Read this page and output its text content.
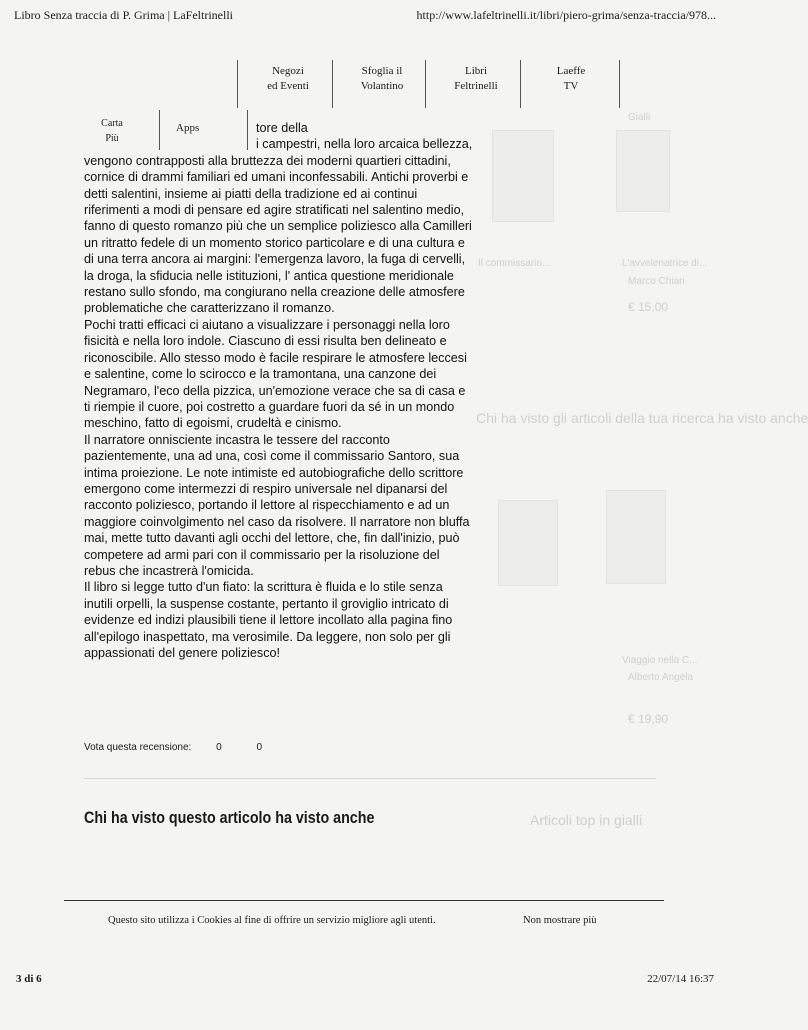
Libro Senza traccia di P. Grima | LaFeltrinelli	http://www.lafeltrinelli.it/libri/piero-grima/senza-traccia/978...
Gialli
L'avvelenatrice di...
Il commissario...
Marco Chiari
€ 15,00
Chi ha visto gli articoli della tua ricerca ha visto anche
Viaggio nella C...
Alberto Angela
€ 19,90
Articoli top in gialli
Negozi
ed Eventi
Sfoglia il
Volantino
Libri
Feltrinelli
Laeffe
TV
Carta
Più
Apps	tore della

i campestri, nella loro arcaica bellezza, vengono contrapposti alla bruttezza dei moderni quartieri cittadini, cornice di drammi familiari ed umani inconfessabili. Antichi proverbi e detti salentini, insieme ai piatti della tradizione ed ai continui riferimenti a modi di pensare ed agire stratificati nel salentino medio, fanno di questo romanzo più che un semplice poliziesco alla Camilleri un ritratto fedele di un momento storico particolare e di una cultura e di una terra ancora ai margini: l'emergenza lavoro, la fuga di cervelli, la droga, la sfiducia nelle istituzioni, l' antica questione meridionale restano sullo sfondo, ma congiurano nella creazione delle atmosfere problematiche che caratterizzano il romanzo.

Pochi tratti efficaci ci aiutano a visualizzare i personaggi nella loro fisicità e nella loro indole. Ciascuno di essi risulta ben delineato e riconoscibile. Allo stesso modo è facile respirare le atmosfere leccesi e salentine, come lo scirocco e la tramontana, una canzone dei Negramaro, l'eco della pizzica, un'emozione verace che sa di casa e ti riempie il cuore, poi costretto a guardare fuori da sé in un mondo meschino, fatto di egoismi, crudeltà e cinismo.

Il narratore onnisciente incastra le tessere del racconto pazientemente, una ad una, così come il commissario Santoro, sua intima proiezione. Le note intimiste ed autobiografiche dello scrittore emergono come intermezzi di respiro universale nel dipanarsi del racconto poliziesco, portando il lettore al rispecchiamento e ad un maggiore coinvolgimento nel caso da risolvere. Il narratore non bluffa mai, mette tutto davanti agli occhi del lettore, che, fin dall'inizio, può competere ad armi pari con il commissario per la risoluzione del rebus che incastrerà l'omicida.

Il libro si legge tutto d'un fiato: la scrittura è fluida e lo stile senza inutili orpelli, la suspense costante, pertanto il groviglio intricato di evidenze ed indizi plausibili tiene il lettore incollato alla pagina fino all'epilogo inaspettato, ma verosimile. Da leggere, non solo per gli appassionati del genere poliziesco!

Vota questa recensione: 0	0
Chi ha visto questo articolo ha visto anche
Questo sito utilizza i Cookies al fine di offrire un servizio migliore agli utenti.	Non mostrare più
3 di 6	22/07/14 16:37
